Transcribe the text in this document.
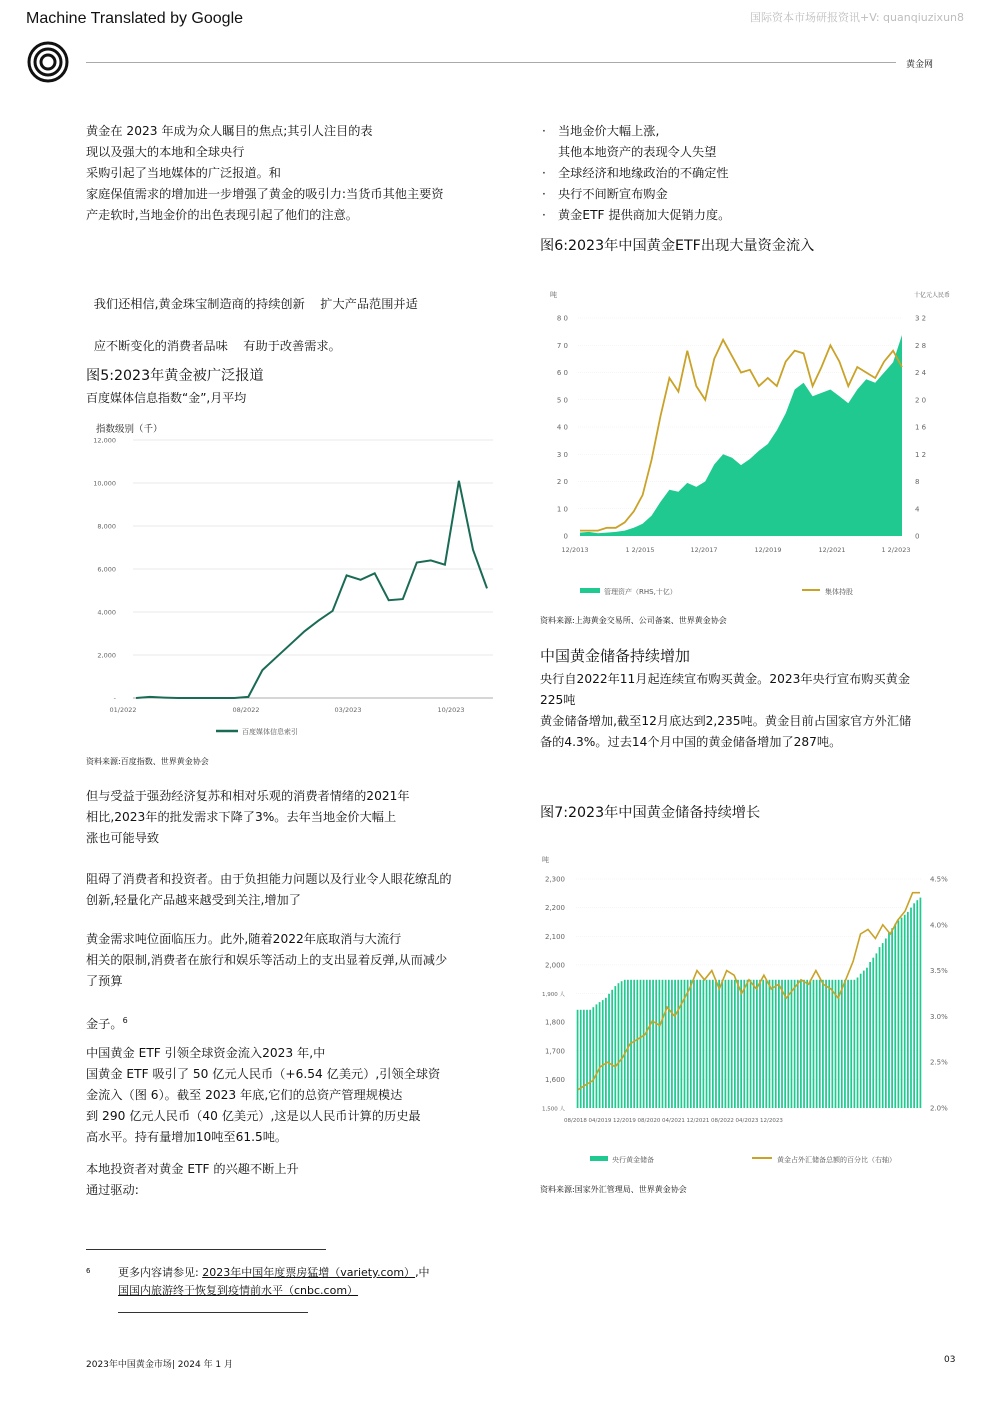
Machine Translated by Google	国际资本市场研报资讯+V: quanqiuzixun8
黄金网

黄金在 2023 年成为众人瞩目的焦点;其引人注目的表
现以及强大的本地和全球央行
采购引起了当地媒体的广泛报道。和
家庭保值需求的增加进一步增强了黄金的吸引力:当货币其他主要资
产走软时,当地金价的出色表现引起了他们的注意。

我们还相信,黄金珠宝制造商的持续创新    扩大产品范围并适

应不断变化的消费者品味    有助于改善需求。

图5:2023年黄金被广泛报道
百度媒体信息指数“金”,月平均
指数级别（千）
12,000
10,000
8,000
6,000
4,000
2,000
-
01/2022	08/2022	03/2023	10/2023
百度媒体信息索引
资料来源:百度指数、世界黄金协会

但与受益于强劲经济复苏和相对乐观的消费者情绪的2021年
相比,2023年的批发需求下降了3%。去年当地金价大幅上
涨也可能导致

阻碍了消费者和投资者。由于负担能力问题以及行业令人眼花缭乱的
创新,轻量化产品越来越受到关注,增加了

黄金需求吨位面临压力。此外,随着2022年底取消与大流行
相关的限制,消费者在旅行和娱乐等活动上的支出显着反弹,从而减少
了预算

金子。$^6$

中国黄金 ETF 引领全球资金流入2023 年,中
国黄金 ETF 吸引了 50 亿元人民币（+6.54 亿美元）,引领全球资
金流入（图 6）。截至 2023 年底,它们的总资产管理规模达
到 290 亿元人民币（40 亿美元）,这是以人民币计算的历史最
高水平。持有量增加10吨至61.5吨。

本地投资者对黄金 ETF 的兴趣不断上升
通过驱动:

6	更多内容请参见: 2023年中国年度票房猛增（variety.com）,中
国国内旅游终于恢复到疫情前水平（cnbc.com）
· 当地金价大幅上涨,
其他本地资产的表现令人失望
· 全球经济和地缘政治的不确定性
· 央行不间断宣布购金
· 黄金ETF 提供商加大促销力度。
图6:2023年中国黄金ETF出现大量资金流入
吨	十亿元人民币
8 0
7 0
6 0
5 0
4 0
3 0
2 0
1 0
0
3 2
2 8
2 4
2 0
1 6
1 2
8
4
0
12/2013	1 2/2015	12/2017	12/2019	12/2021	1 2/2023
管理资产（RHS,十亿）	集体持股
资料来源:上海黄金交易所、公司备案、世界黄金协会
中国黄金储备持续增加

央行自2022年11月起连续宣布购买黄金。2023年央行宣布购买黄金
225吨
黄金储备增加,截至12月底达到2,235吨。黄金目前占国家官方外汇储
备的4.3%。过去14个月中国的黄金储备增加了287吨。

图7:2023年中国黄金储备持续增长
吨
2,300
2,200
2,100
2,000
1,900 人
1,800
1,700
1,600
1,500 人
4.5%
4.0%
3.5%
3.0%
2.5%
2.0%
08/2018 04/2019 12/2019 08/2020 04/2021 12/2021 08/2022 04/2023 12/2023
央行黄金储备	黄金占外汇储备总额的百分比（右轴）
资料来源:国家外汇管理局、世界黄金协会
2023年中国黄金市场| 2024 年 1 月	03
